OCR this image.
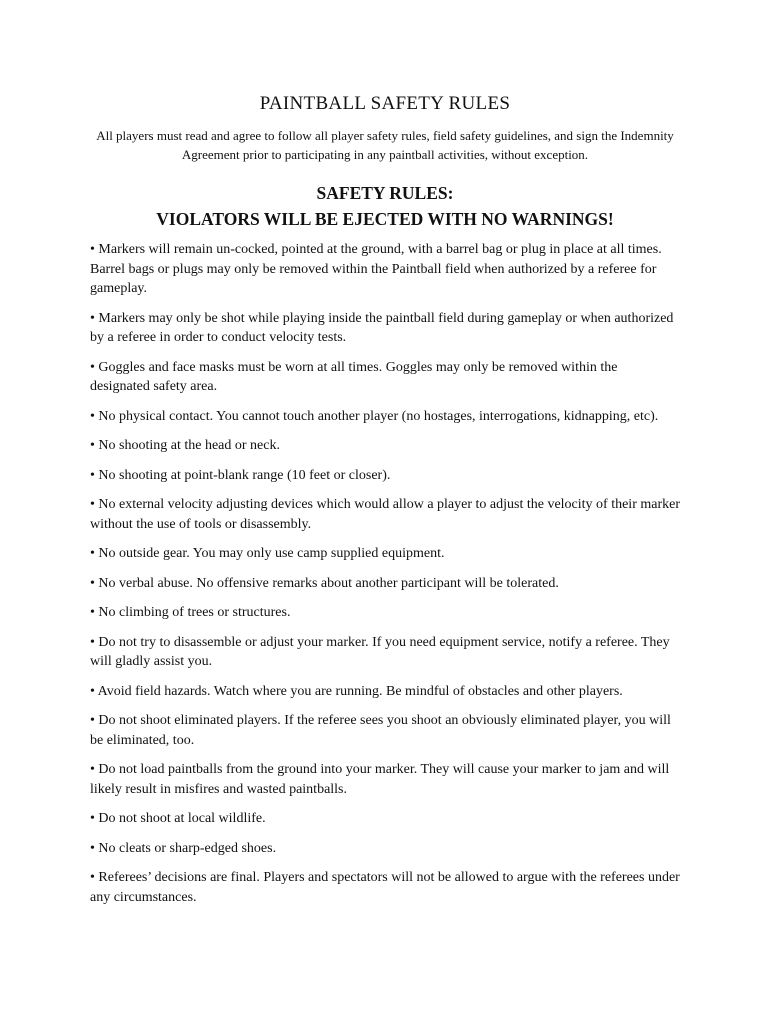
PAINTBALL SAFETY RULES

All players must read and agree to follow all player safety rules, field safety guidelines, and sign the Indemnity Agreement prior to participating in any paintball activities, without exception.

SAFETY RULES:
VIOLATORS WILL BE EJECTED WITH NO WARNINGS!
• Markers will remain un-cocked, pointed at the ground, with a barrel bag or plug in place at all times. Barrel bags or plugs may only be removed within the Paintball field when authorized by a referee for gameplay.
• Markers may only be shot while playing inside the paintball field during gameplay or when authorized by a referee in order to conduct velocity tests.
• Goggles and face masks must be worn at all times. Goggles may only be removed within the designated safety area.
• No physical contact. You cannot touch another player (no hostages, interrogations, kidnapping, etc).
• No shooting at the head or neck.
• No shooting at point-blank range (10 feet or closer).
• No external velocity adjusting devices which would allow a player to adjust the velocity of their marker without the use of tools or disassembly.
• No outside gear. You may only use camp supplied equipment.
• No verbal abuse. No offensive remarks about another participant will be tolerated.
• No climbing of trees or structures.
• Do not try to disassemble or adjust your marker. If you need equipment service, notify a referee. They will gladly assist you.
• Avoid field hazards. Watch where you are running. Be mindful of obstacles and other players.
• Do not shoot eliminated players. If the referee sees you shoot an obviously eliminated player, you will be eliminated, too.
• Do not load paintballs from the ground into your marker. They will cause your marker to jam and will likely result in misfires and wasted paintballs.
• Do not shoot at local wildlife.
• No cleats or sharp-edged shoes.
• Referees’ decisions are final. Players and spectators will not be allowed to argue with the referees under any circumstances.
